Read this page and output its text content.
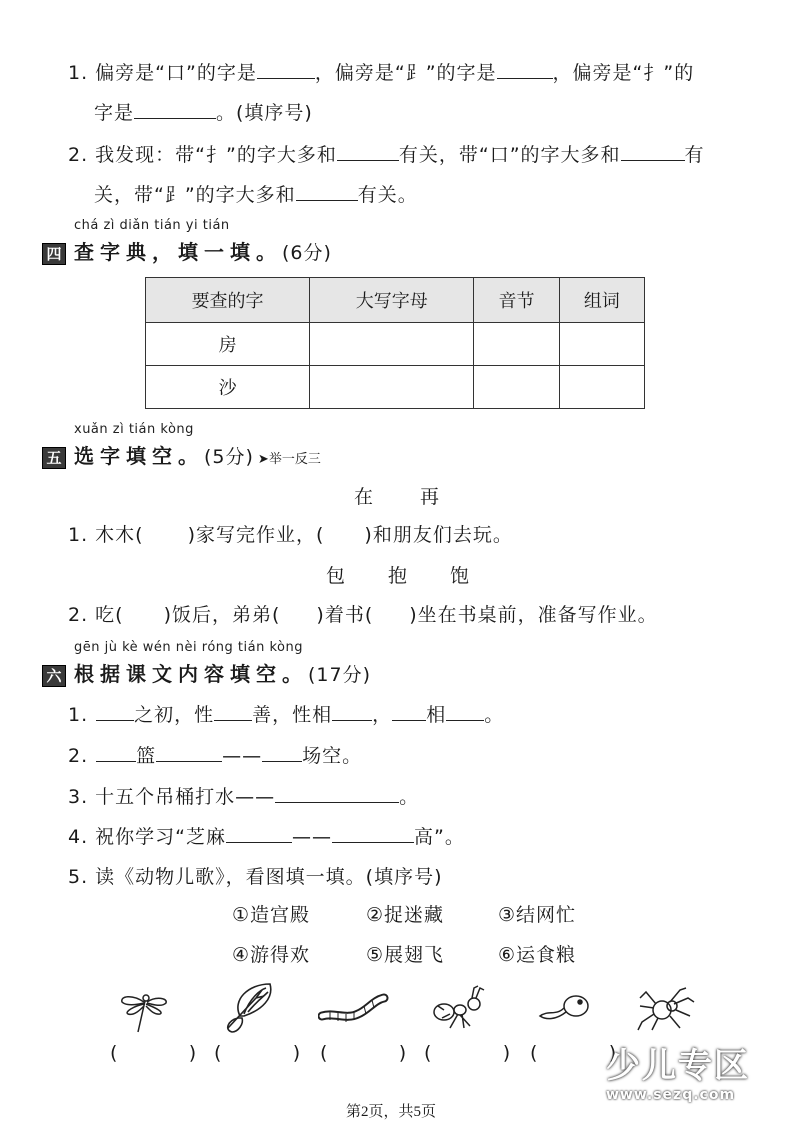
1. 偏旁是“口”的字是	，偏旁是“⻊”的字是	，偏旁是“扌”的
字是	。(填序号)
2. 我发现：带“扌”的字大多和	有关，带“口”的字大多和	有
关，带“⻊”的字大多和	有关。
chá zì diǎn tián yi tián
四 查字典，填一填。(6分)
要查的字	大写字母	音节	组词
房			
沙			
xuǎn zì tián kòng
五 选字填空。(5分) ➤举一反三
在 再
1. 木木( )家写完作业，( )和朋友们去玩。
包 抱 饱
2. 吃( )饭后，弟弟( )着书( )坐在书桌前，准备写作业。
gēn jù kè wén nèi róng tián kòng
六 根据课文内容填空。(17分)
1. 之初，性 善，性相 ， 相 。
2.	篮	—— 场空。
3. 十五个吊桶打水——	。
4. 祝你学习“芝麻	——	高”。
5. 读《动物儿歌》，看图填一填。(填序号)
①造宫殿	②捉迷藏	③结网忙
④游得欢	⑤展翅飞	⑥运食粮
(          ) (          ) (          ) (          ) (          )
少儿专区
www.sezq.com
第2页，共5页
